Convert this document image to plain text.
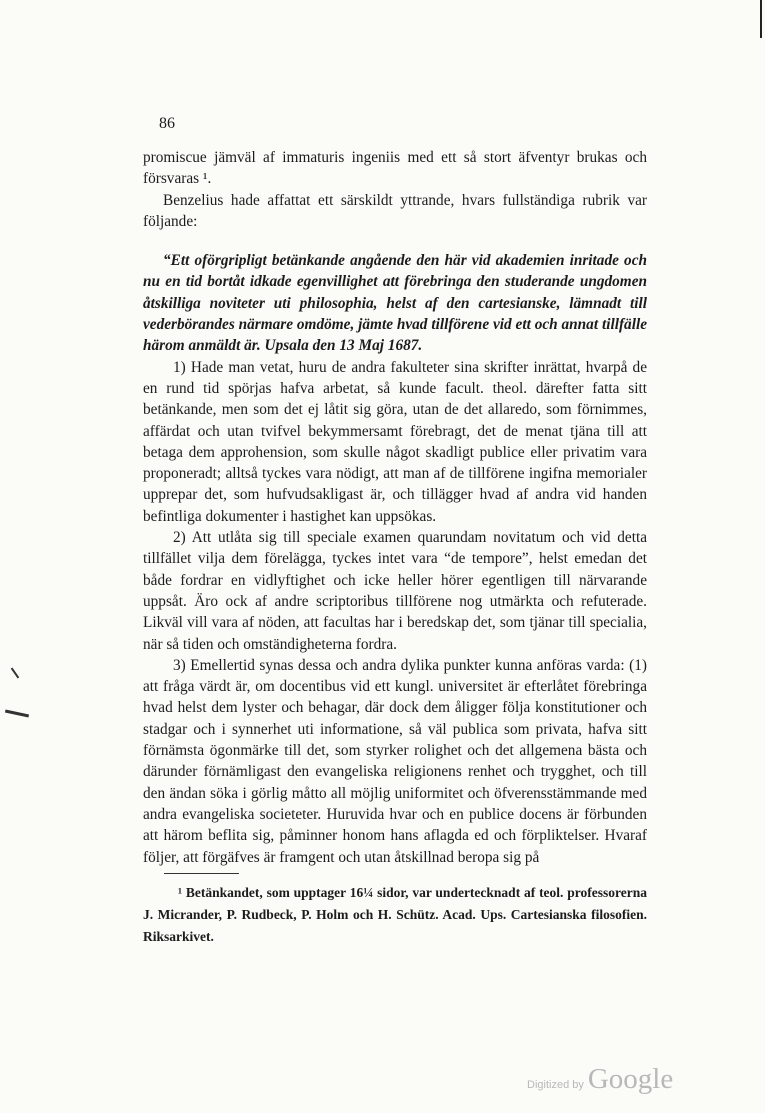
86

promiscue jämväl af immaturis ingeniis med ett så stort äfventyr brukas och försvaras ¹.

Benzelius hade affattat ett särskildt yttrande, hvars fullständiga rubrik var följande:

“Ett oförgripligt betänkande angående den här vid akademien inritade och nu en tid bortåt idkade egenvillighet att förebringa den studerande ungdomen åtskilliga noviteter uti philosophia, helst af den cartesianske, lämnadt till vederbörandes närmare omdöme, jämte hvad tillförene vid ett och annat tillfälle härom anmäldt är. Upsala den 13 Maj 1687.

1) Hade man vetat, huru de andra fakulteter sina skrifter inrättat, hvarpå de en rund tid spörjas hafva arbetat, så kunde facult. theol. därefter fatta sitt betänkande, men som det ej låtit sig göra, utan de det allaredo, som förnimmes, affärdat och utan tvifvel bekymmersamt förebragt, det de menat tjäna till att betaga dem approhension, som skulle något skadligt publice eller privatim vara proponeradt; alltså tyckes vara nödigt, att man af de tillförene ingifna memorialer upprepar det, som hufvudsakligast är, och tillägger hvad af andra vid handen befintliga dokumenter i hastighet kan uppsökas.

2) Att utlåta sig till speciale examen quarundam novitatum och vid detta tillfället vilja dem förelägga, tyckes intet vara “de tempore”, helst emedan det både fordrar en vidlyftighet och icke heller hörer egentligen till närvarande uppsåt. Äro ock af andre scriptoribus tillförene nog utmärkta och refuterade. Likväl vill vara af nöden, att facultas har i beredskap det, som tjänar till specialia, när så tiden och omständigheterna fordra.

3) Emellertid synas dessa och andra dylika punkter kunna anföras varda: (1) att fråga värdt är, om docentibus vid ett kungl. universitet är efterlåtet förebringa hvad helst dem lyster och behagar, där dock dem åligger följa konstitutioner och stadgar och i synnerhet uti informatione, så väl publica som privata, hafva sitt förnämsta ögonmärke till det, som styrker rolighet och det allgemena bästa och därunder förnämligast den evangeliska religionens renhet och trygghet, och till den ändan söka i görlig måtto all möjlig uniformitet och öfverensstämmande med andra evangeliska societeter. Huruvida hvar och en publice docens är förbunden att härom beflita sig, påminner honom hans aflagda ed och förpliktelser. Hvaraf följer, att förgäfves är framgent och utan åtskillnad beropa sig på

¹ Betänkandet, som upptager 16¼ sidor, var undertecknadt af teol. professorerna J. Micrander, P. Rudbeck, P. Holm och H. Schütz. Acad. Ups. Cartesianska filosofien. Riksarkivet.
Digitized by Google
